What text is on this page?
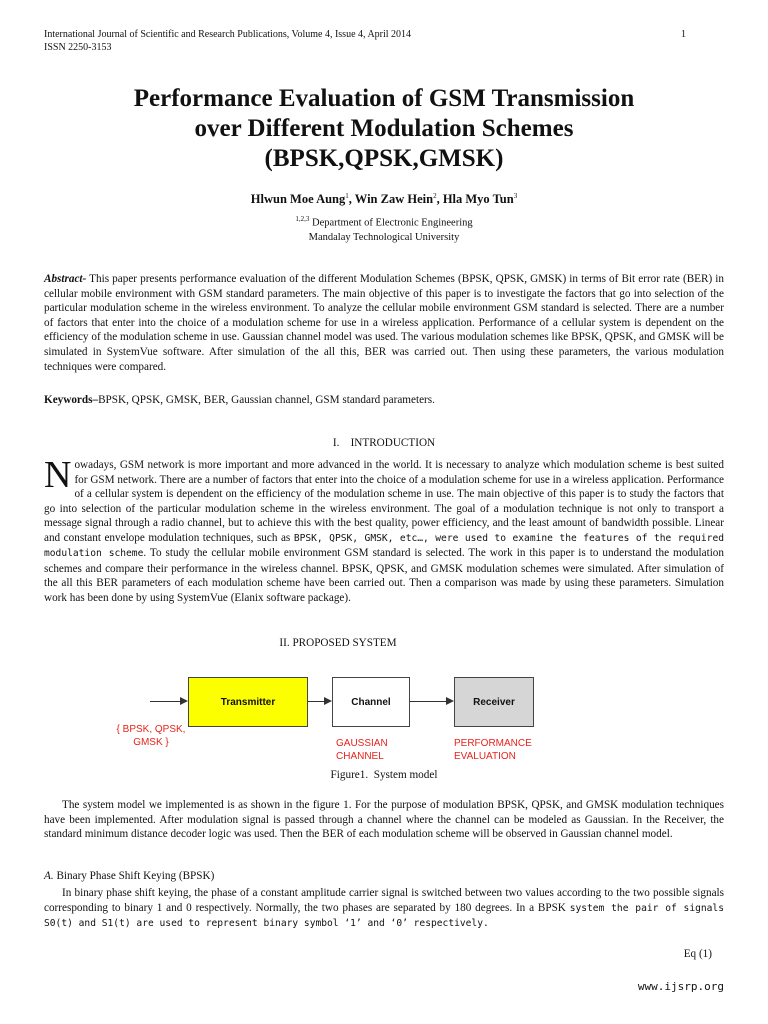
International Journal of Scientific and Research Publications, Volume 4, Issue 4, April 2014
ISSN 2250-3153
1
Performance Evaluation of GSM Transmission
over Different Modulation Schemes
(BPSK,QPSK,GMSK)
Hlwun Moe Aung$^1$, Win Zaw Hein$^2$, Hla Myo Tun$^3$
$^{1,2,3}$ Department of Electronic Engineering
Mandalay Technological University
Abstract- This paper presents performance evaluation of the different Modulation Schemes (BPSK, QPSK, GMSK) in terms of Bit error rate (BER) in cellular mobile environment with GSM standard parameters. The main objective of this paper is to investigate the factors that go into selection of the particular modulation scheme in the wireless environment. To analyze the cellular mobile environment GSM standard is selected. There are a number of factors that enter into the choice of a modulation scheme for use in a wireless application. Performance of a cellular system is dependent on the efficiency of the modulation scheme in use. Gaussian channel model was used. The various modulation schemes like BPSK, QPSK, and GMSK will be simulated in SystemVue software. After simulation of the all this, BER was carried out. Then using these parameters, the various modulation techniques were compared.
Keywords–BPSK, QPSK, GMSK, BER, Gaussian channel, GSM standard parameters.
I.    INTRODUCTION
Nowadays, GSM network is more important and more advanced in the world. It is necessary to analyze which modulation scheme is best suited for GSM network. There are a number of factors that enter into the choice of a modulation scheme for use in a wireless application. Performance of a cellular system is dependent on the efficiency of the modulation scheme in use. The main objective of this paper is to study the factors that go into selection of the particular modulation scheme in the wireless environment. The goal of a modulation technique is not only to transport a message signal through a radio channel, but to achieve this with the best quality, power efficiency, and the least amount of bandwidth possible. Linear and constant envelope modulation techniques, such as BPSK, QPSK, GMSK, etc…, were used to examine the features of the required modulation scheme. To study the cellular mobile environment GSM standard is selected. The work in this paper is to understand the modulation schemes and compare their performance in the wireless channel. BPSK, QPSK, and GMSK modulation schemes were simulated. After simulation of the all this BER parameters of each modulation scheme have been carried out. Then a comparison was made by using these parameters. Simulation work has been done by using SystemVue (Elanix software package).
II. PROPOSED SYSTEM
Transmitter	Channel	Receiver
{ BPSK, QPSK,
GMSK }	GAUSSIAN
CHANNEL
PERFORMANCE
EVALUATION
Figure1.  System model
The system model we implemented is as shown in the figure 1. For the purpose of modulation BPSK, QPSK, and GMSK modulation techniques have been implemented. After modulation signal is passed through a channel where the channel can be modeled as Gaussian. In the Receiver, the standard minimum distance decoder logic was used. Then the BER of each modulation scheme will be observed in Gaussian channel model.
A. Binary Phase Shift Keying (BPSK)
In binary phase shift keying, the phase of a constant amplitude carrier signal is switched between two values according to the two possible signals corresponding to binary 1 and 0 respectively. Normally, the two phases are separated by 180 degrees. In a BPSK system the pair of signals S0(t) and S1(t) are used to represent binary symbol ‘1’ and ‘0’ respectively.
Eq (1)
www.ijsrp.org
